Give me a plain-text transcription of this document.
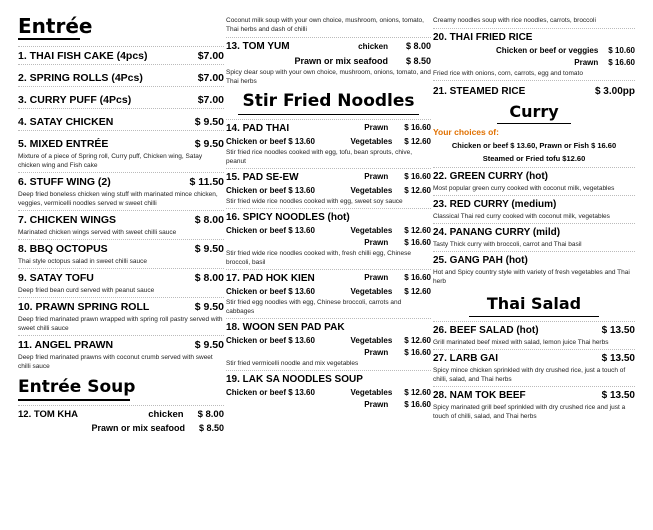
Entrée
1. THAI FISH CAKE (4pcs)	$7.00
2. SPRING ROLLS (4Pcs)	$7.00
3. CURRY PUFF (4Pcs)	$7.00
4. SATAY CHICKEN	$ 9.50
5. MIXED ENTRÉE	$ 9.50
Mixture of a piece of Spring roll, Curry puff, Chicken wing, Satay chicken wing and Fish cake
6. STUFF WING (2)	$ 11.50
Deep fried boneless chicken wing stuff with marinated mince chicken, veggies, vermicelli noodles served w sweet chilli
7. CHICKEN WINGS	$ 8.00
Marinated chicken wings served with sweet chilli sauce
8. BBQ OCTOPUS	$ 9.50
Thai style octopus salad in sweet chilli sauce
9. SATAY TOFU	$ 8.00
Deep fried bean curd served with peanut sauce
10. PRAWN SPRING ROLL	$ 9.50
Deep fried marinated prawn wrapped with spring roll pastry served with sweet chilli sauce
11. ANGEL PRAWN	$ 9.50
Deep fried marinated prawns with coconut crumb served with sweet chilli sauce
Entrée Soup
12. TOM KHA	chicken $ 8.00
Prawn or mix seafood $ 8.50
Coconut milk soup with your own choice, mushroom, onions, tomato, Thai herbs and dash of chilli
13. TOM YUM	chicken $ 8.00
Prawn or mix seafood $ 8.50
Spicy clear soup with your own choice, mushroom, onions, tomato, and Thai herbs
Stir Fried Noodles
14. PAD THAI	Prawn $ 16.60
Chicken or beef $ 13.60	Vegetables $ 12.60
Stir fried rice noodles cooked with egg, tofu, bean sprouts, chive, peanut
15. PAD SE-EW	Prawn $ 16.60
Chicken or beef $ 13.60	Vegetables $ 12.60
Stir fried wide rice noodles cooked with egg, sweet soy sauce
16. SPICY NOODLES (hot)
Chicken or beef $ 13.60	Vegetables $ 12.60
Prawn $ 16.60
Stir fried wide rice noodles cooked with, fresh chilli egg, Chinese broccoli, basil
17. PAD HOK KIEN	Prawn $ 16.60
Chicken or beef $ 13.60	Vegetables $ 12.60
Stir fried egg noodles with egg, Chinese broccoli, carrots and cabbages
18. WOON SEN PAD PAK
Chicken or beef $ 13.60	Vegetables $ 12.60
Prawn $ 16.60
Stir fried vermicelli noodle and mix vegetables
19. LAK SA NOODLES SOUP
Chicken or beef $ 13.60	Vegetables $ 12.60
Prawn $ 16.60
Creamy noodles soup with rice noodles, carrots, broccoli
20. THAI FRIED RICE
Chicken or beef or veggies $ 10.60
Prawn $ 16.60
Fried rice with onions, corn, carrots, egg and tomato
21. STEAMED RICE	$ 3.00pp
Curry
Your choices of:
Chicken or beef $ 13.60, Prawn or Fish $ 16.60
Steamed or Fried tofu $12.60
22. GREEN CURRY (hot)
Most popular green curry cooked with coconut milk, vegetables
23. RED CURRY (medium)
Classical Thai red curry cooked with coconut milk, vegetables
24. PANANG CURRY (mild)
Tasty Thick curry with broccoli, carrot and Thai basil
25. GANG PAH (hot)
Hot and Spicy country style with variety of fresh vegetables and Thai herb
Thai Salad
26. BEEF SALAD (hot)	$ 13.50
Grill marinated beef mixed with salad, lemon juice Thai herbs
27. LARB GAI	$ 13.50
Spicy mince chicken sprinkled with dry crushed rice, just a touch of chilli, salad, and Thai herbs
28. NAM TOK BEEF	$ 13.50
Spicy marinated grill beef sprinkled with dry crushed rice and just a touch of chilli, salad, and Thai herbs
